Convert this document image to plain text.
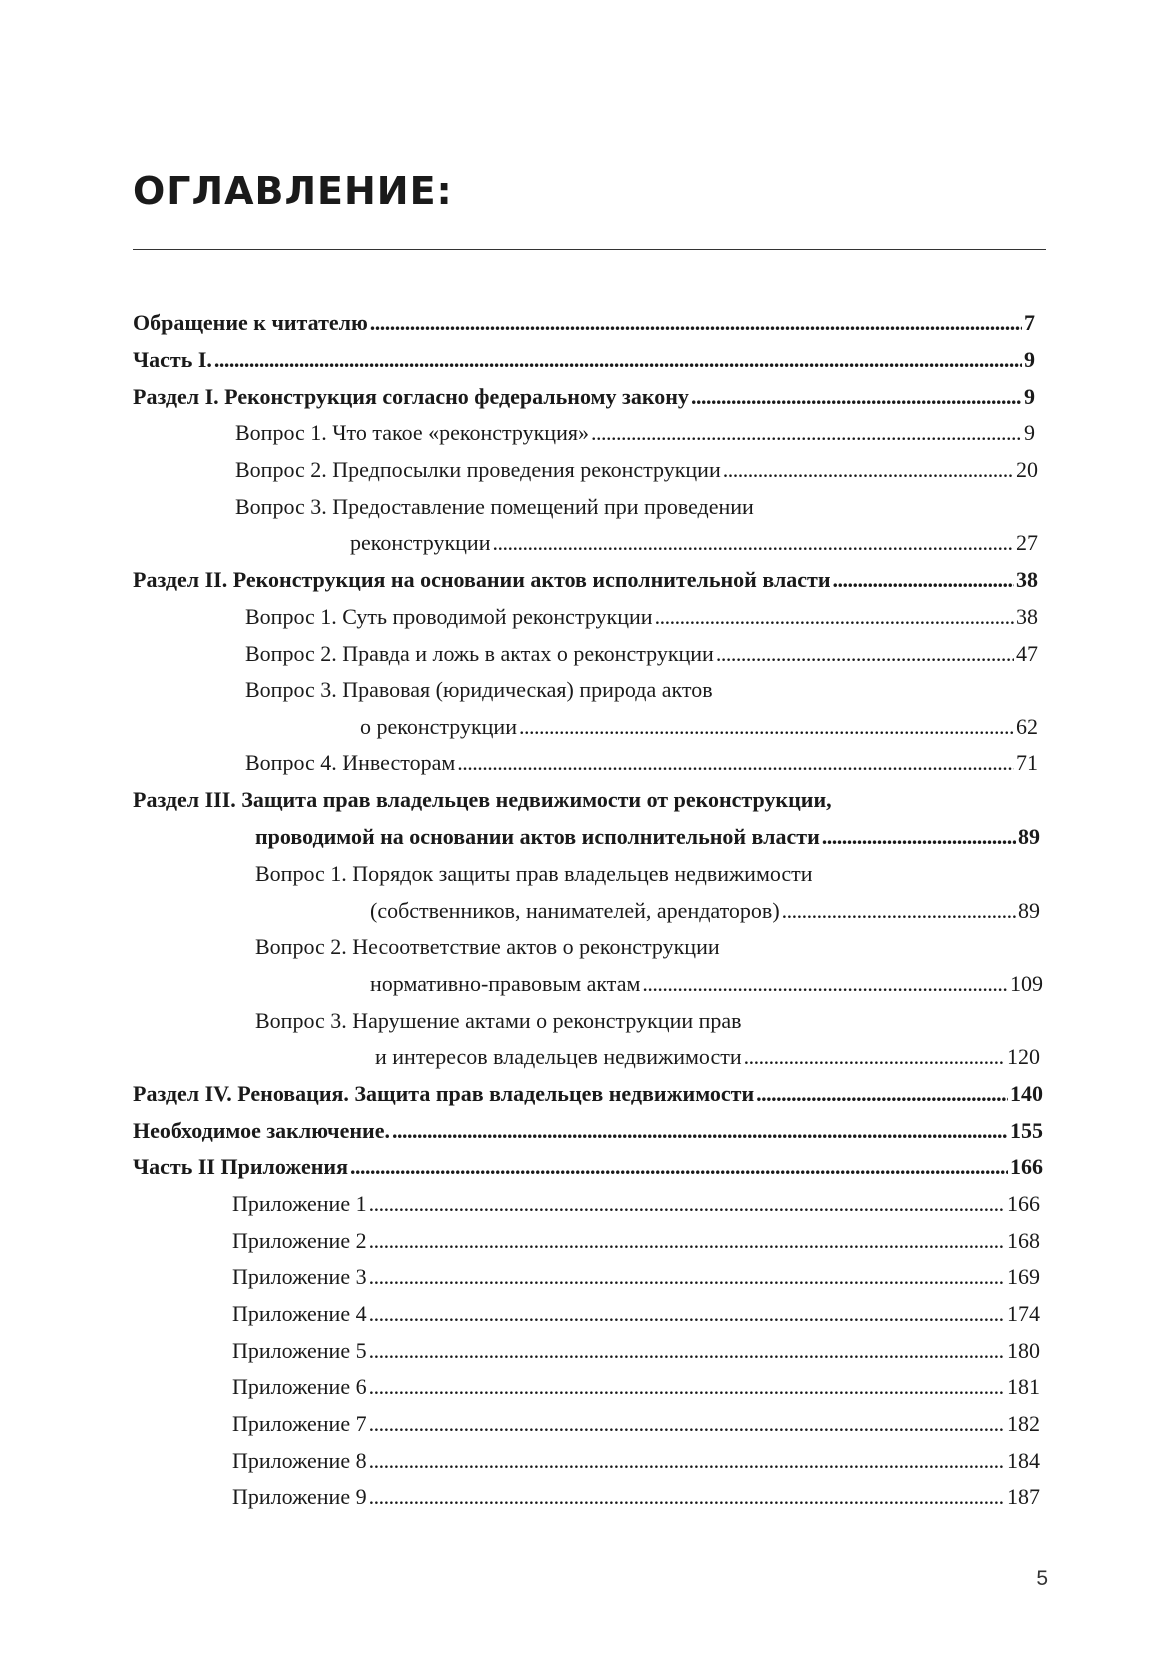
ОГЛАВЛЕНИЕ:
Обращение к читателю . . .	7
Часть I. . . .	9
Раздел I. Реконструкция согласно федеральному закону . . .	9
Вопрос 1. Что такое «реконструкция» . . .	9
Вопрос 2. Предпосылки проведения реконструкции . . .	20
Вопрос 3. Предоставление помещений при проведении
реконструкции . . .	27
Раздел II. Реконструкция на основании актов исполнительной власти . . .	38
Вопрос 1. Суть проводимой реконструкции . . .	38
Вопрос 2. Правда и ложь в актах о реконструкции . . .	47
Вопрос 3. Правовая (юридическая) природа актов
о реконструкции . . .	62
Вопрос 4. Инвесторам . . .	71
Раздел III. Защита прав владельцев недвижимости от реконструкции,
проводимой на основании актов исполнительной власти . . .	89
Вопрос 1. Порядок защиты прав владельцев недвижимости
(собственников, нанимателей, арендаторов) . . .	89
Вопрос 2. Несоответствие актов о реконструкции
нормативно-правовым актам . . .	109
Вопрос 3. Нарушение актами о реконструкции прав
и интересов владельцев недвижимости . . .	120
Раздел IV. Реновация. Защита прав владельцев недвижимости . . .	140
Необходимое заключение. . . .	155
Часть II Приложения . . .	166
Приложение 1 . . .	166
Приложение 2 . . .	168
Приложение 3 . . .	169
Приложение 4 . . .	174
Приложение 5 . . .	180
Приложение 6 . . .	181
Приложение 7 . . .	182
Приложение 8 . . .	184
Приложение 9 . . .	187
5
